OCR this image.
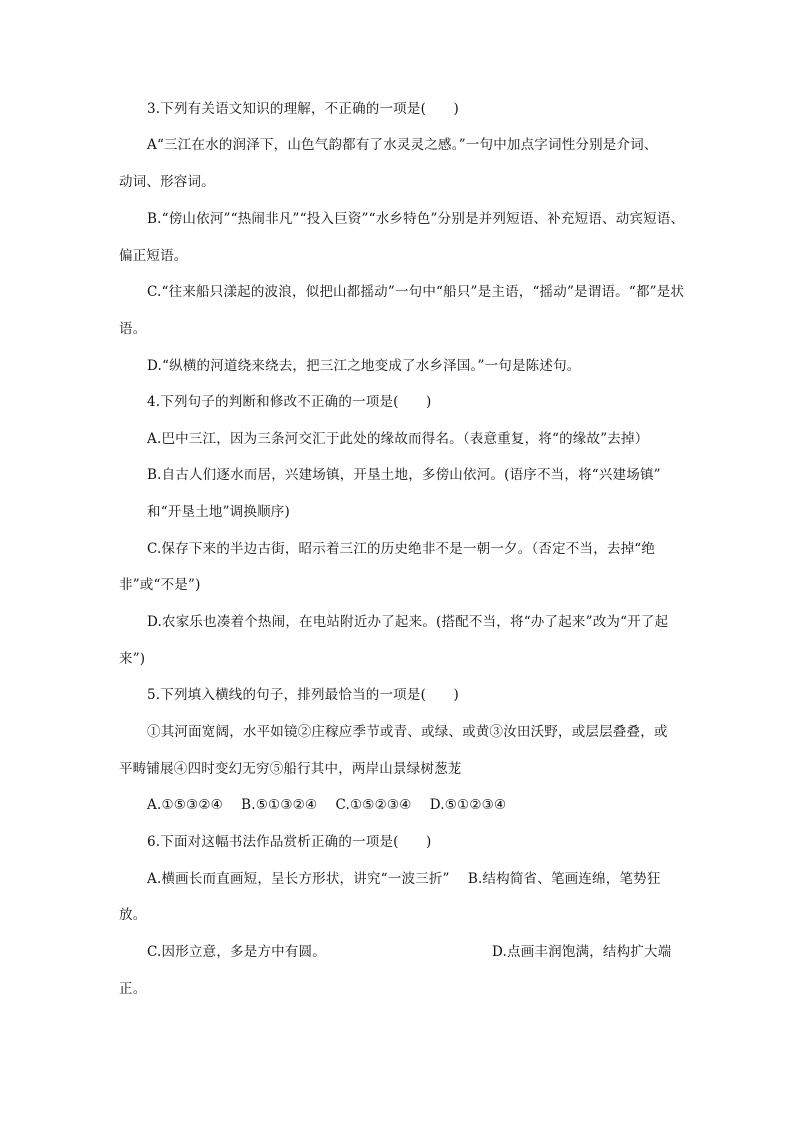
3.下列有关语文知识的理解，不正确的一项是(　　)
A“三江在水的润泽下，山色气韵都有了水灵灵之感。”一句中加点字词性分别是介词、
动词、形容词。
B.“傍山依河”“热闹非凡”“投入巨资”“水乡特色”分别是并列短语、补充短语、动宾短语、
偏正短语。
C.“往来船只漾起的波浪，似把山都摇动”一句中“船只”是主语，“摇动”是谓语。“都”是状
语。
D.“纵横的河道绕来绕去，把三江之地变成了水乡泽国。”一句是陈述句。
4.下列句子的判断和修改不正确的一项是(　　)
A.巴中三江，因为三条河交汇于此处的缘故而得名。（表意重复，将“的缘故”去掉）
B.自古人们逐水而居，兴建场镇，开垦土地，多傍山依河。(语序不当，将“兴建场镇”
和“开垦土地”调换顺序)
C.保存下来的半边古街，昭示着三江的历史绝非不是一朝一夕。（否定不当，去掉“绝
非”或“不是”)
D.农家乐也凑着个热闹，在电站附近办了起来。(搭配不当，将“办了起来”改为“开了起
来”)
5.下列填入横线的句子，排列最恰当的一项是(　　)
①其河面宽阔，水平如镜②庄稼应季节或青、或绿、或黄③汝田沃野，或层层叠叠，或
平畴铺展④四时变幻无穷⑤船行其中，两岸山景绿树葱茏
A.①⑤③②④　 B.⑤①③②④　 C.①⑤②③④　 D.⑤①②③④
6.下面对这幅书法作品赏析正确的一项是(　　)
A.横画长而直画短，呈长方形状，讲究“一波三折”　 B.结构简省、笔画连绵，笔势狂
放。
C.因形立意，多是方中有圆。	D.点画丰润饱满，结构扩大端
正。
